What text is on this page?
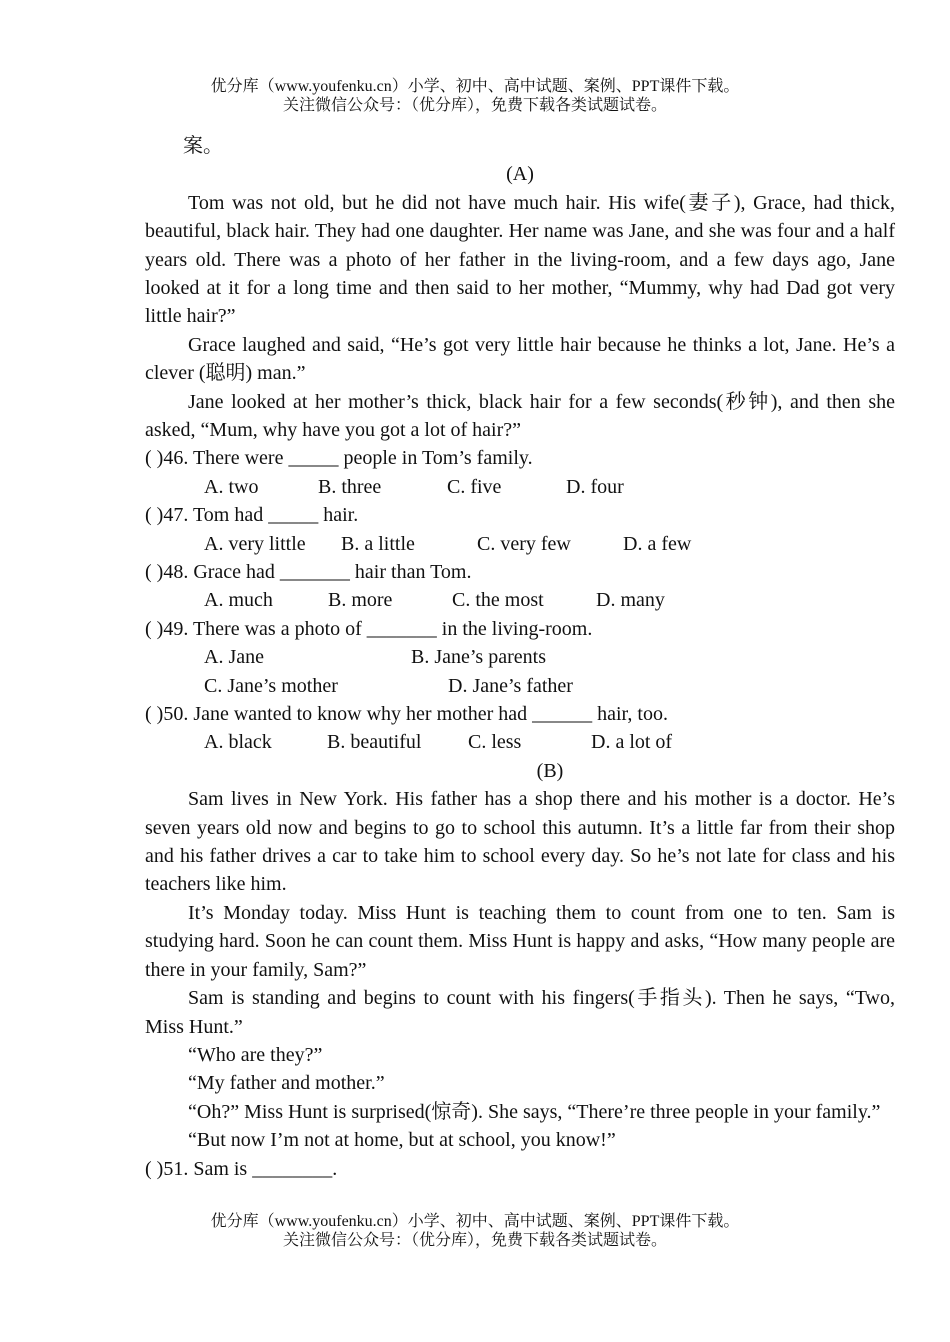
优分库（www.youfenku.cn）小学、初中、高中试题、案例、PPT课件下载。
关注微信公众号：（优分库），免费下载各类试题试卷。

案。

(A)

Tom was not old, but he did not have much hair. His wife(妻子), Grace, had thick, beautiful, black hair. They had one daughter. Her name was Jane, and she was four and a half years old. There was a photo of her father in the living-room, and a few days ago, Jane looked at it for a long time and then said to her mother, “Mummy, why had Dad got very little hair?”

Grace laughed and said, “He’s got very little hair because he thinks a lot, Jane. He’s a clever (聪明) man.”

Jane looked at her mother’s thick, black hair for a few seconds(秒钟), and then she asked, “Mum, why have you got a lot of hair?”

( )46. There were _____ people in Tom’s family.

A. two	B. three	C. five	D. four

( )47. Tom had _____ hair.

A. very little B. a little	C. very few	D. a few

( )48. Grace had _______ hair than Tom.

A. much	B. more	C. the most	D. many

( )49. There was a photo of _______ in the living-room.

A. Jane	B. Jane’s parents
C. Jane’s mother	D. Jane’s father

( )50. Jane wanted to know why her mother had ______ hair, too.

A. black	B. beautiful C. less	D. a lot of

(B)

Sam lives in New York. His father has a shop there and his mother is a doctor. He’s seven years old now and begins to go to school this autumn. It’s a little far from their shop and his father drives a car to take him to school every day. So he’s not late for class and his teachers like him.

It’s Monday today. Miss Hunt is teaching them to count from one to ten. Sam is studying hard. Soon he can count them. Miss Hunt is happy and asks, “How many people are there in your family, Sam?”

Sam is standing and begins to count with his fingers(手指头). Then he says, “Two, Miss Hunt.”

“Who are they?”

“My father and mother.”

“Oh?” Miss Hunt is surprised(惊奇). She says, “There’re three people in your family.”

“But now I’m not at home, but at school, you know!”

( )51. Sam is ________.

优分库（www.youfenku.cn）小学、初中、高中试题、案例、PPT课件下载。
关注微信公众号：（优分库），免费下载各类试题试卷。
